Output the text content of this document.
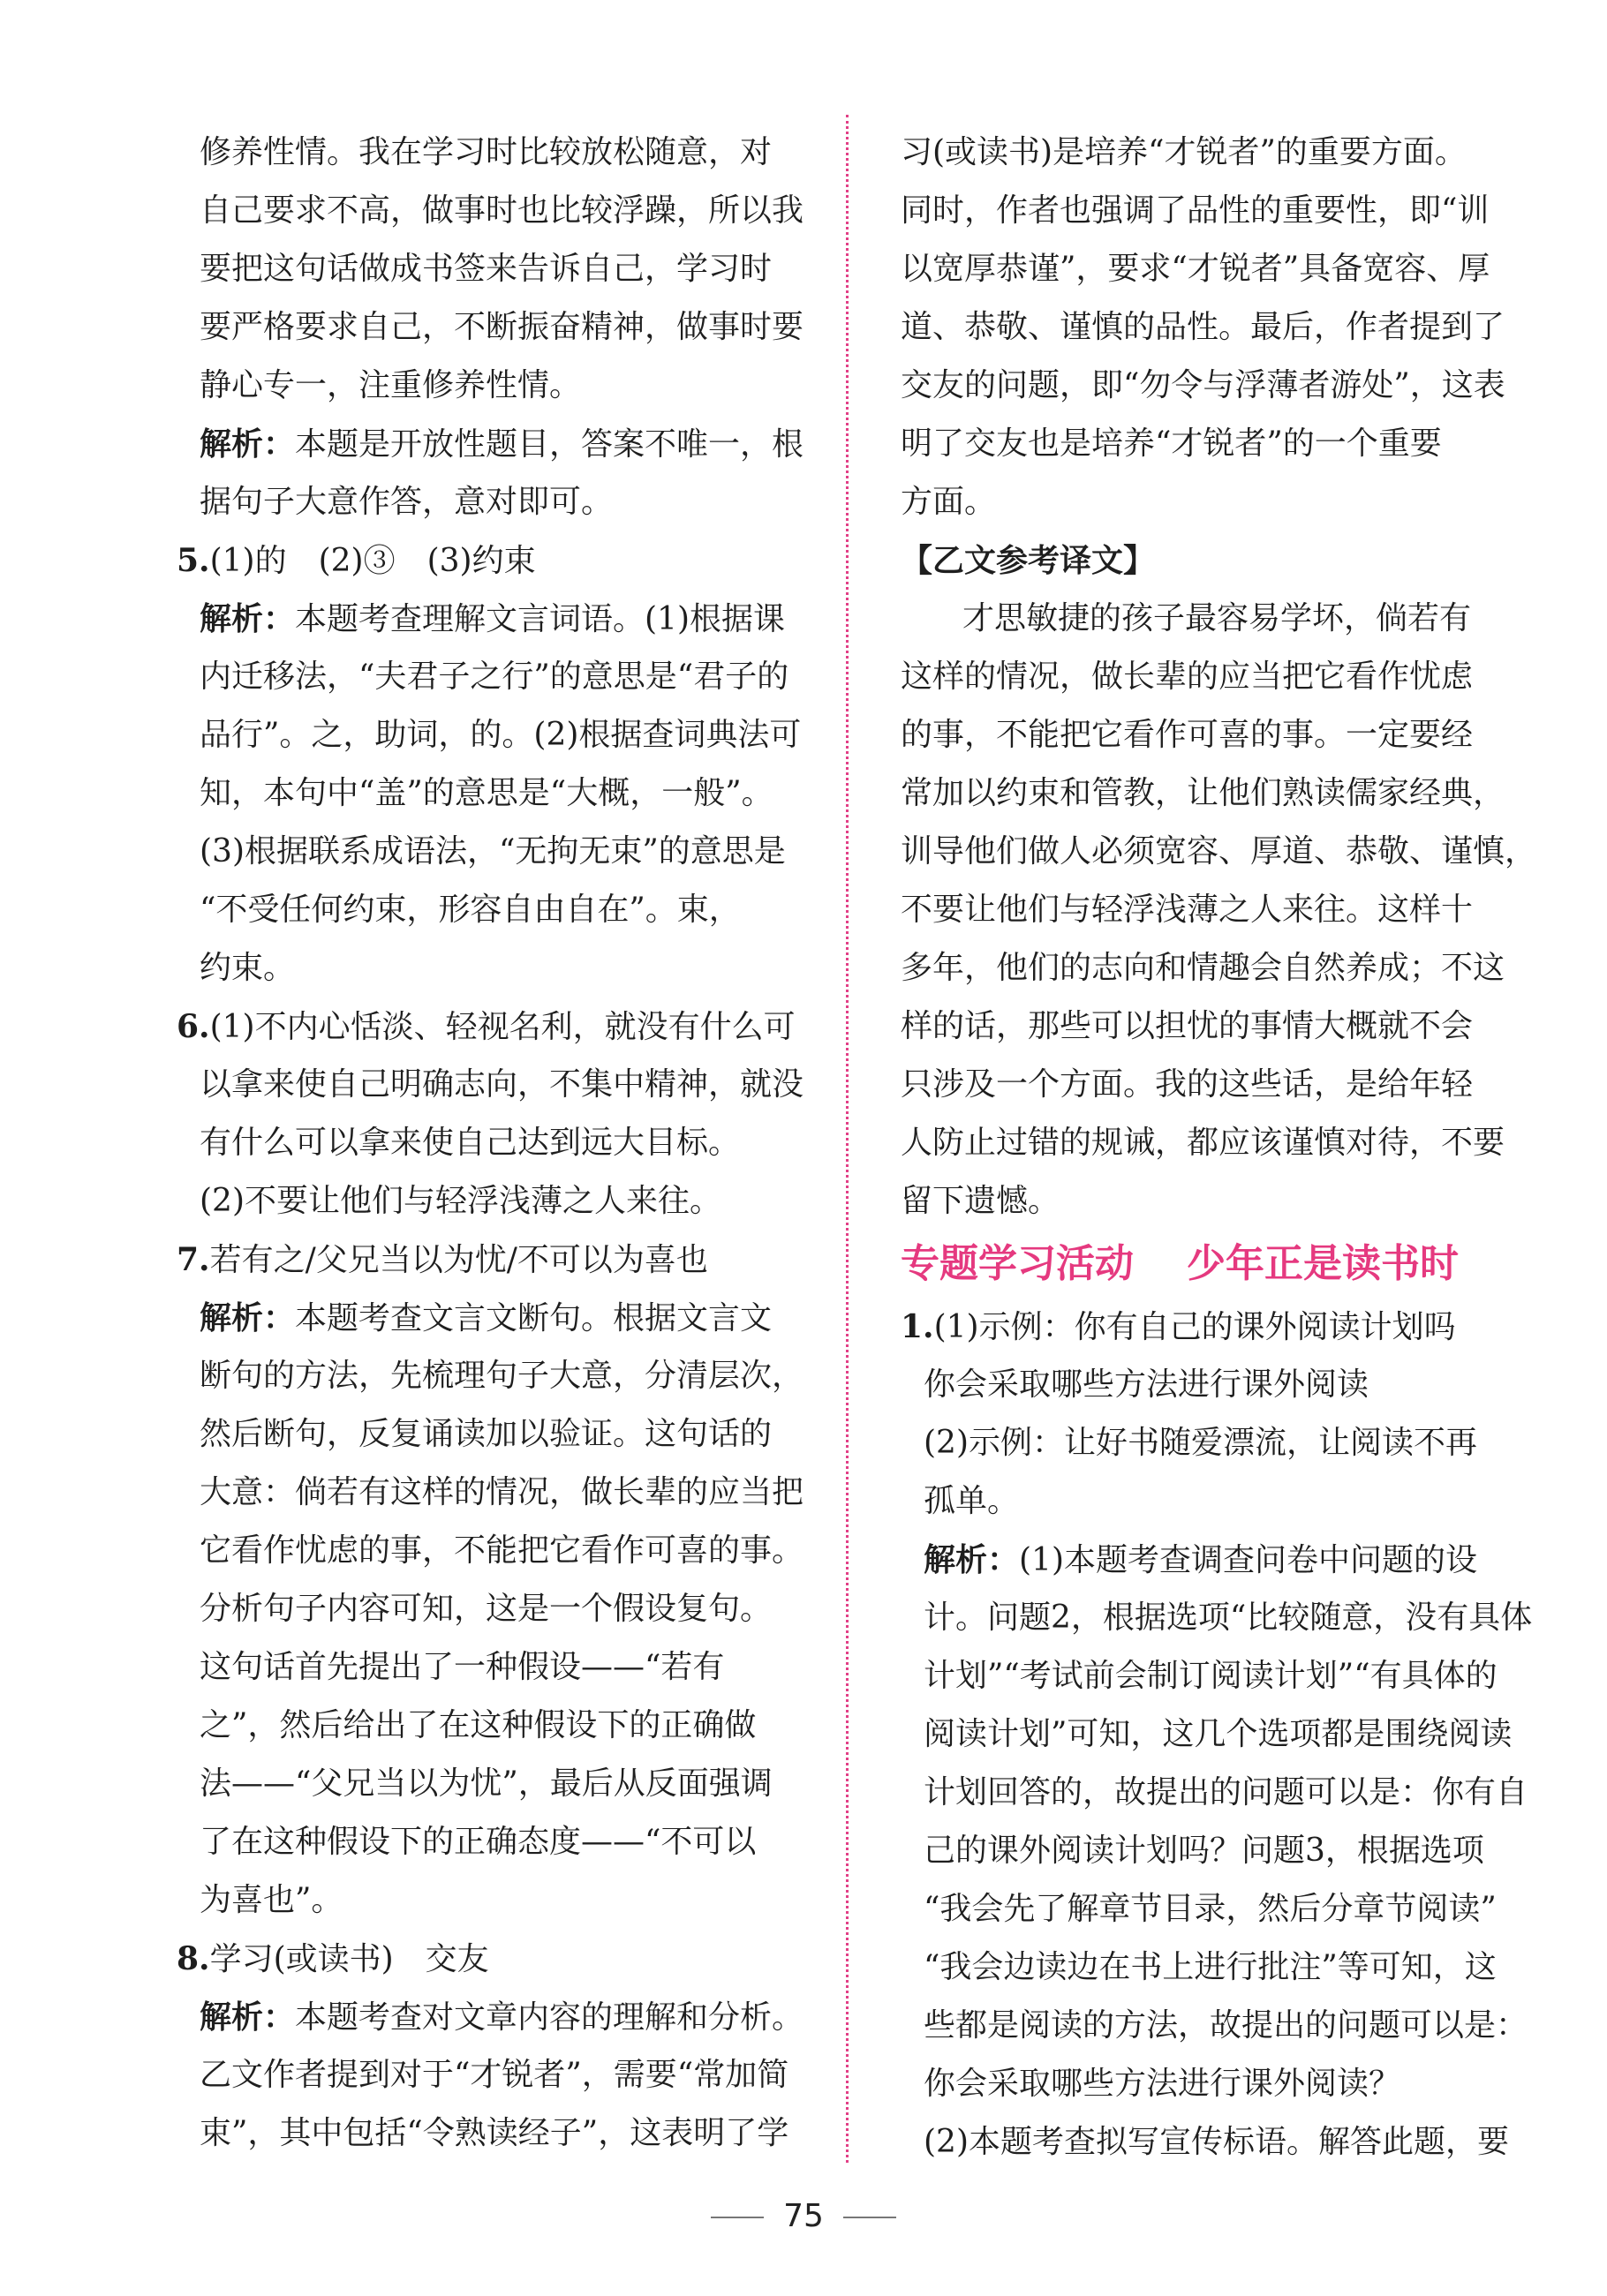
修养性情。我在学习时比较放松随意，对
自己要求不高，做事时也比较浮躁，所以我
要把这句话做成书签来告诉自己，学习时
要严格要求自己，不断振奋精神，做事时要
静心专一，注重修养性情。
解析：本题是开放性题目，答案不唯一，根
据句子大意作答，意对即可。
5.(1)的　(2)③　(3)约束
解析：本题考查理解文言词语。(1)根据课
内迁移法，“夫君子之行”的意思是“君子的
品行”。之，助词，的。(2)根据查词典法可
知，本句中“盖”的意思是“大概，一般”。
(3)根据联系成语法，“无拘无束”的意思是
“不受任何约束，形容自由自在”。束，
约束。
6.(1)不内心恬淡、轻视名利，就没有什么可
以拿来使自己明确志向，不集中精神，就没
有什么可以拿来使自己达到远大目标。
(2)不要让他们与轻浮浅薄之人来往。
7.若有之/父兄当以为忧/不可以为喜也
解析：本题考查文言文断句。根据文言文
断句的方法，先梳理句子大意，分清层次，
然后断句，反复诵读加以验证。这句话的
大意：倘若有这样的情况，做长辈的应当把
它看作忧虑的事，不能把它看作可喜的事。
分析句子内容可知，这是一个假设复句。
这句话首先提出了一种假设——“若有
之”，然后给出了在这种假设下的正确做
法——“父兄当以为忧”，最后从反面强调
了在这种假设下的正确态度——“不可以
为喜也”。
8.学习(或读书)　交友
解析：本题考查对文章内容的理解和分析。
乙文作者提到对于“才锐者”，需要“常加简
束”，其中包括“令熟读经子”，这表明了学
习(或读书)是培养“才锐者”的重要方面。
同时，作者也强调了品性的重要性，即“训
以宽厚恭谨”，要求“才锐者”具备宽容、厚
道、恭敬、谨慎的品性。最后，作者提到了
交友的问题，即“勿令与浮薄者游处”，这表
明了交友也是培养“才锐者”的一个重要
方面。
【乙文参考译文】
才思敏捷的孩子最容易学坏，倘若有
这样的情况，做长辈的应当把它看作忧虑
的事，不能把它看作可喜的事。一定要经
常加以约束和管教，让他们熟读儒家经典，
训导他们做人必须宽容、厚道、恭敬、谨慎，
不要让他们与轻浮浅薄之人来往。这样十
多年，他们的志向和情趣会自然养成；不这
样的话，那些可以担忧的事情大概就不会
只涉及一个方面。我的这些话，是给年轻
人防止过错的规诫，都应该谨慎对待，不要
留下遗憾。
专题学习活动 少年正是读书时
1.(1)示例：你有自己的课外阅读计划吗
你会采取哪些方法进行课外阅读
(2)示例：让好书随爱漂流，让阅读不再
孤单。
解析：(1)本题考查调查问卷中问题的设
计。问题2，根据选项“比较随意，没有具体
计划”“考试前会制订阅读计划”“有具体的
阅读计划”可知，这几个选项都是围绕阅读
计划回答的，故提出的问题可以是：你有自
己的课外阅读计划吗？问题3，根据选项
“我会先了解章节目录，然后分章节阅读”
“我会边读边在书上进行批注”等可知，这
些都是阅读的方法，故提出的问题可以是：
你会采取哪些方法进行课外阅读？
(2)本题考查拟写宣传标语。解答此题，要
75
